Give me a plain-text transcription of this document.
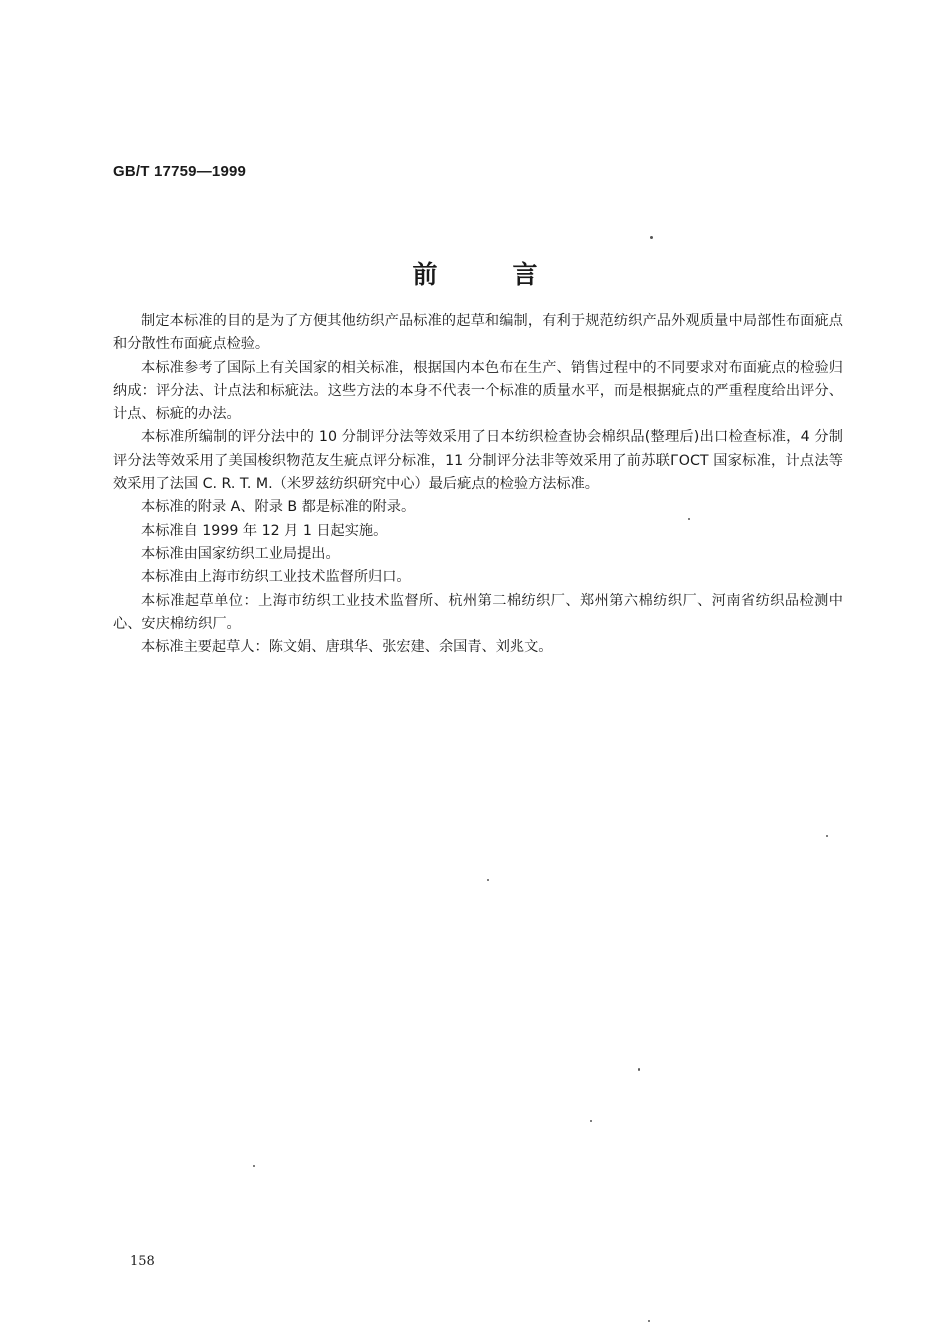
GB/T 17759—1999
前	言

制定本标准的目的是为了方便其他纺织产品标准的起草和编制，有利于规范纺织产品外观质量中局部性布面疵点和分散性布面疵点检验。

本标准参考了国际上有关国家的相关标准，根据国内本色布在生产、销售过程中的不同要求对布面疵点的检验归纳成：评分法、计点法和标疵法。这些方法的本身不代表一个标准的质量水平，而是根据疵点的严重程度给出评分、计点、标疵的办法。

本标准所编制的评分法中的 10 分制评分法等效采用了日本纺织检查协会棉织品(整理后)出口检查标准，4 分制评分法等效采用了美国梭织物范友生疵点评分标准，11 分制评分法非等效采用了前苏联ГОСТ 国家标准，计点法等效采用了法国 C. R. T. M.（米罗兹纺织研究中心）最后疵点的检验方法标准。

本标准的附录 A、附录 B 都是标准的附录。

本标准自 1999 年 12 月 1 日起实施。

本标准由国家纺织工业局提出。

本标准由上海市纺织工业技术监督所归口。

本标准起草单位：上海市纺织工业技术监督所、杭州第二棉纺织厂、郑州第六棉纺织厂、河南省纺织品检测中心、安庆棉纺织厂。

本标准主要起草人：陈文娟、唐琪华、张宏建、余国青、刘兆文。

158
